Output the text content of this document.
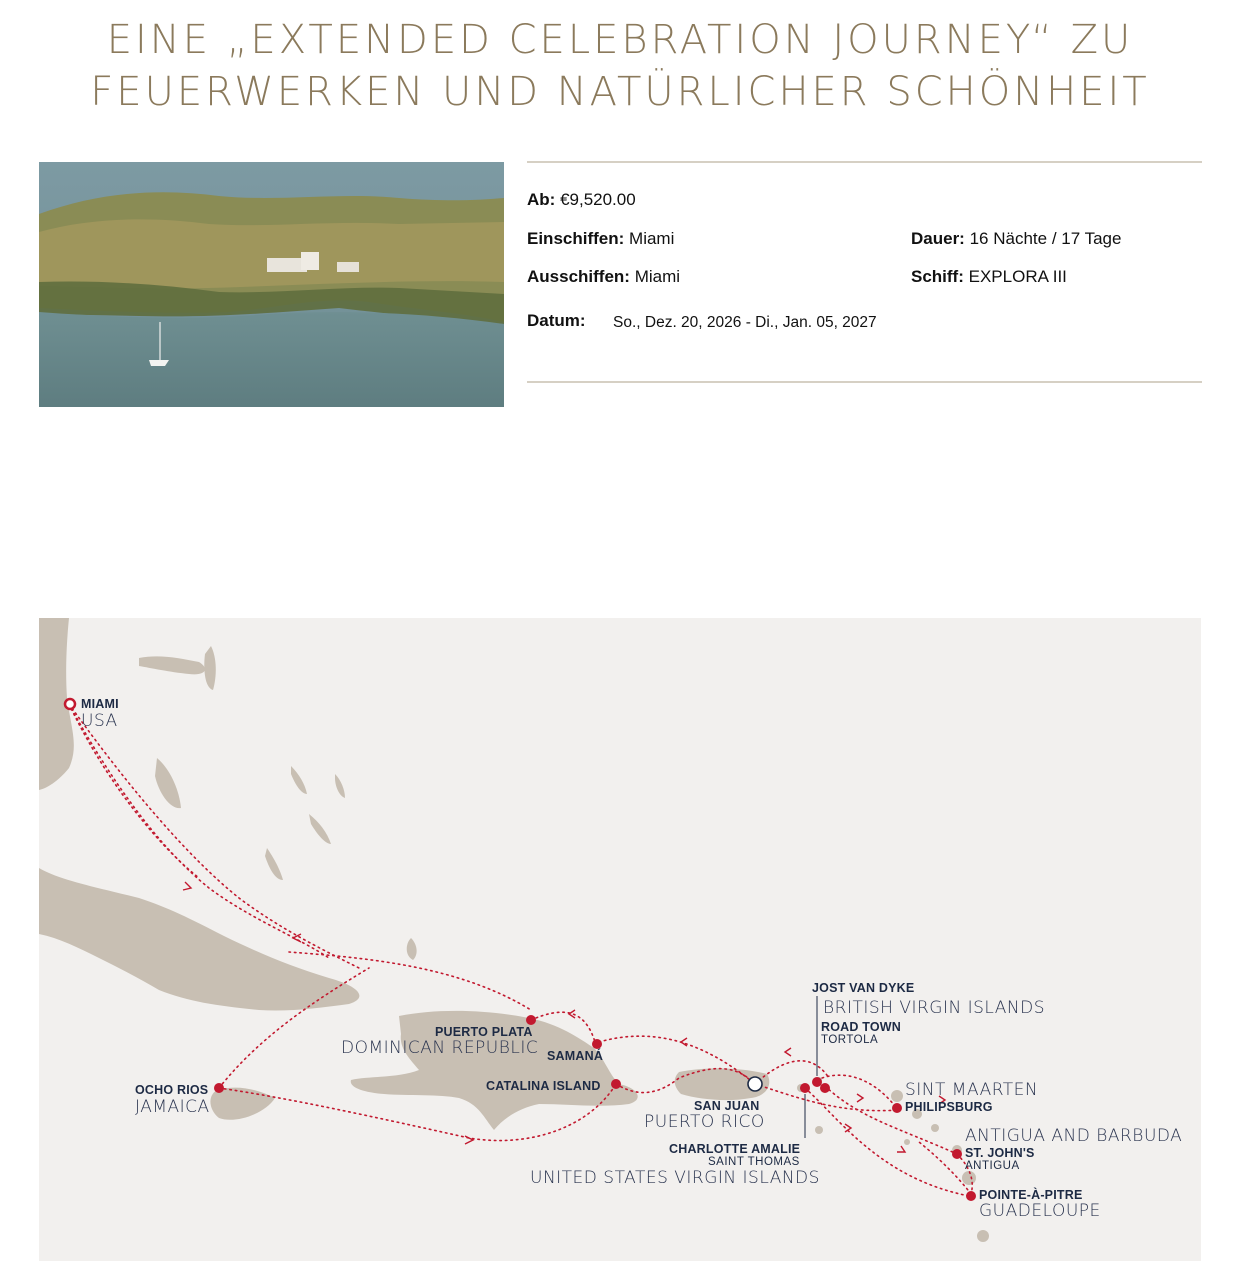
EINE „EXTENDED CELEBRATION JOURNEY“ ZU FEUERWERKEN UND NATÜRLICHER SCHÖNHEIT
Ab: €9,520.00
Einschiffen: Miami	Dauer: 16 Nächte / 17 Tage
Ausschiffen: Miami	Schiff: EXPLORA III
Datum: So., Dez. 20, 2026 - Di., Jan. 05, 2027
MIAMI
USA
OCHO RIOS
JAMAICA
PUERTO PLATA
DOMINICAN REPUBLIC SAMANÁ
CATALINA ISLAND
SAN JUAN
PUERTO RICO
CHARLOTTE AMALIE
SAINT THOMAS
UNITED STATES VIRGIN ISLANDS
JOST VAN DYKE
BRITISH VIRGIN ISLANDS
ROAD TOWN
TORTOLA
SINT MAARTEN
PHILIPSBURG
ANTIGUA AND BARBUDA
ST. JOHN'S
ANTIGUA
POINTE-À-PITRE
GUADELOUPE
